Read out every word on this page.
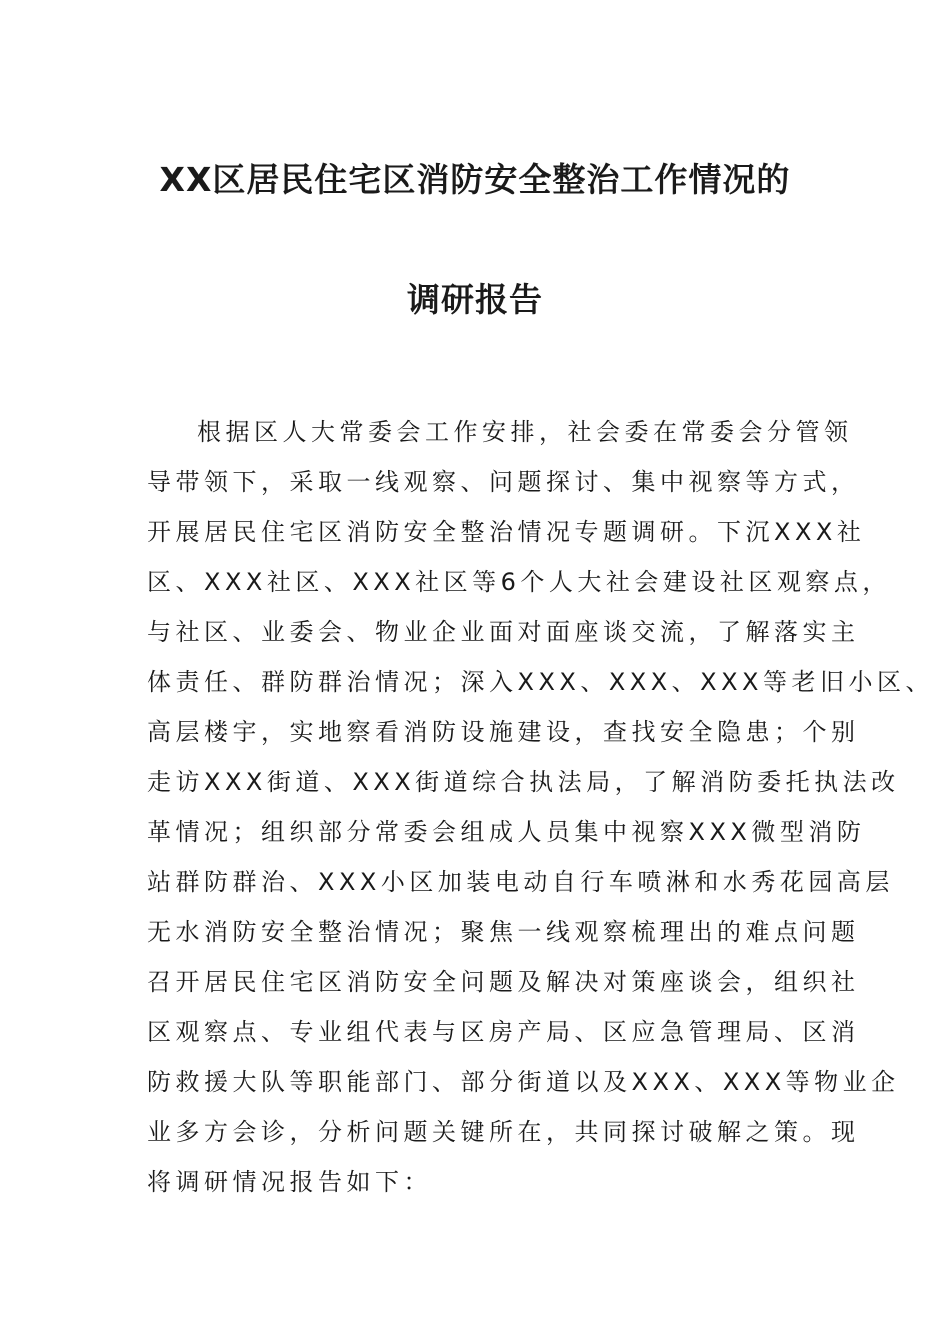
XX区居民住宅区消防安全整治工作情况的
调研报告
根据区人大常委会工作安排，社会委在常委会分管领
导带领下，采取一线观察、问题探讨、集中视察等方式，
开展居民住宅区消防安全整治情况专题调研。下沉XXX社
区、XXX社区、XXX社区等6个人大社会建设社区观察点，
与社区、业委会、物业企业面对面座谈交流，了解落实主
体责任、群防群治情况；深入XXX、XXX、XXX等老旧小区、
高层楼宇，实地察看消防设施建设，查找安全隐患；个别
走访XXX街道、XXX街道综合执法局，了解消防委托执法改
革情况；组织部分常委会组成人员集中视察XXX微型消防
站群防群治、XXX小区加装电动自行车喷淋和水秀花园高层
无水消防安全整治情况；聚焦一线观察梳理出的难点问题
召开居民住宅区消防安全问题及解决对策座谈会，组织社
区观察点、专业组代表与区房产局、区应急管理局、区消
防救援大队等职能部门、部分街道以及XXX、XXX等物业企
业多方会诊，分析问题关键所在，共同探讨破解之策。现
将调研情况报告如下：
